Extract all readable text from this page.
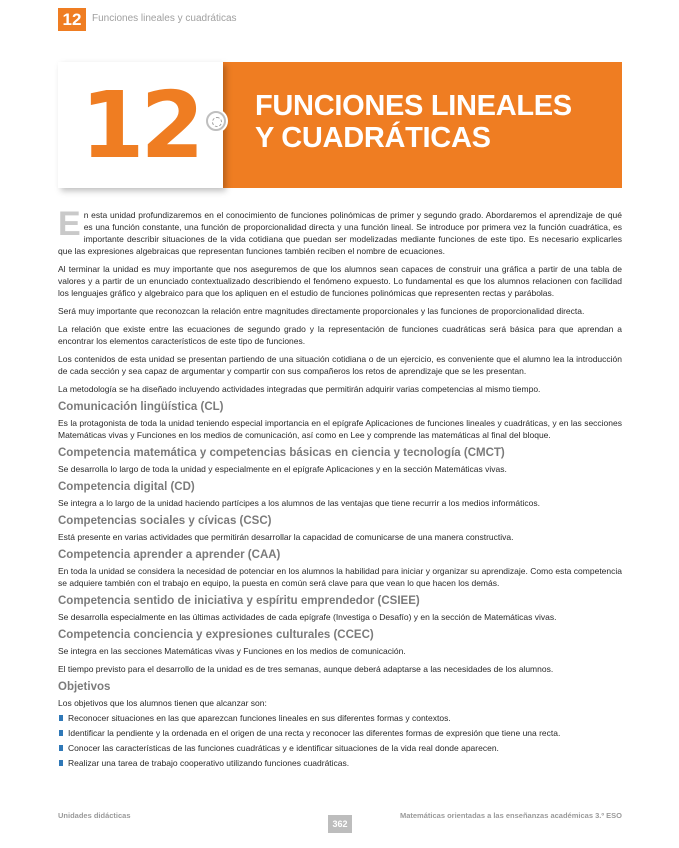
12	Funciones lineales y cuadráticas
12	FUNCIONES LINEALES
Y CUADRÁTICAS

En esta unidad profundizaremos en el conocimiento de funciones polinómicas de primer y segundo grado. Abordaremos el aprendizaje de qué es una función constante, una función de proporcionalidad directa y una función lineal. Se introduce por primera vez la función cuadrática, es importante describir situaciones de la vida cotidiana que puedan ser modelizadas mediante funciones de este tipo. Es necesario explicarles que las expresiones algebraicas que representan funciones también reciben el nombre de ecuaciones.

Al terminar la unidad es muy importante que nos aseguremos de que los alumnos sean capaces de construir una gráfica a partir de una tabla de valores y a partir de un enunciado contextualizado describiendo el fenómeno expuesto. Lo fundamental es que los alumnos relacionen con facilidad los lenguajes gráfico y algebraico para que los apliquen en el estudio de funciones polinómicas que representen rectas y parábolas.

Será muy importante que reconozcan la relación entre magnitudes directamente proporcionales y las funciones de proporcionalidad directa.

La relación que existe entre las ecuaciones de segundo grado y la representación de funciones cuadráticas será básica para que aprendan a encontrar los elementos característicos de este tipo de funciones.

Los contenidos de esta unidad se presentan partiendo de una situación cotidiana o de un ejercicio, es conveniente que el alumno lea la introducción de cada sección y sea capaz de argumentar y compartir con sus compañeros los retos de aprendizaje que se les presentan.

La metodología se ha diseñado incluyendo actividades integradas que permitirán adquirir varias competencias al mismo tiempo.

Comunicación lingüística (CL)

Es la protagonista de toda la unidad teniendo especial importancia en el epígrafe Aplicaciones de funciones lineales y cuadráticas, y en las secciones Matemáticas vivas y Funciones en los medios de comunicación, así como en Lee y comprende las matemáticas al final del bloque.

Competencia matemática y competencias básicas en ciencia y tecnología (CMCT)

Se desarrolla lo largo de toda la unidad y especialmente en el epígrafe Aplicaciones y en la sección Matemáticas vivas.

Competencia digital (CD)

Se integra a lo largo de la unidad haciendo partícipes a los alumnos de las ventajas que tiene recurrir a los medios informáticos.

Competencias sociales y cívicas (CSC)

Está presente en varias actividades que permitirán desarrollar la capacidad de comunicarse de una manera constructiva.

Competencia aprender a aprender (CAA)

En toda la unidad se considera la necesidad de potenciar en los alumnos la habilidad para iniciar y organizar su aprendizaje. Como esta competencia se adquiere también con el trabajo en equipo, la puesta en común será clave para que vean lo que hacen los demás.

Competencia sentido de iniciativa y espíritu emprendedor (CSIEE)

Se desarrolla especialmente en las últimas actividades de cada epígrafe (Investiga o Desafío) y en la sección de Matemáticas vivas.

Competencia conciencia y expresiones culturales (CCEC)

Se integra en las secciones Matemáticas vivas y Funciones en los medios de comunicación.

El tiempo previsto para el desarrollo de la unidad es de tres semanas, aunque deberá adaptarse a las necesidades de los alumnos.

Objetivos

Los objetivos que los alumnos tienen que alcanzar son:

Reconocer situaciones en las que aparezcan funciones lineales en sus diferentes formas y contextos.
Identificar la pendiente y la ordenada en el origen de una recta y reconocer las diferentes formas de expresión que tiene una recta.
Conocer las características de las funciones cuadráticas y e identificar situaciones de la vida real donde aparecen.
Realizar una tarea de trabajo cooperativo utilizando funciones cuadráticas.
Unidades didácticas
362
Matemáticas orientadas a las enseñanzas académicas 3.º ESO
